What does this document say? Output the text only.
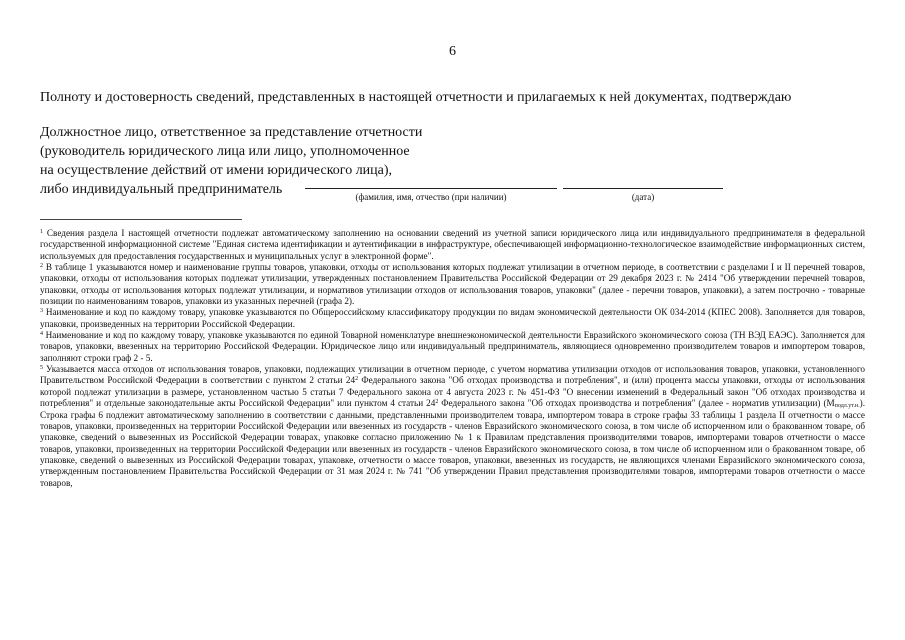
6
Полноту и достоверность сведений, представленных в настоящей отчетности и прилагаемых к ней документах, подтверждаю
Должностное лицо, ответственное за представление отчетности
(руководитель юридического лица или лицо, уполномоченное
на осуществление действий от имени юридического лица),
либо индивидуальный предприниматель	(фамилия, имя, отчество (при наличии)	(дата)

$^1$ Сведения раздела I настоящей отчетности подлежат автоматическому заполнению на основании сведений из учетной записи юридического лица или индивидуального предпринимателя в федеральной государственной информационной системе "Единая система идентификации и аутентификации в инфраструктуре, обеспечивающей информационно-технологическое взаимодействие информационных систем, используемых для предоставления государственных и муниципальных услуг в электронной форме".

$^2$ В таблице 1 указываются номер и наименование группы товаров, упаковки, отходы от использования которых подлежат утилизации в отчетном периоде, в соответствии с разделами I и II перечней товаров, упаковки, отходы от использования которых подлежат утилизации, утвержденных постановлением Правительства Российской Федерации от 29 декабря 2023 г. № 2414 "Об утверждении перечней товаров, упаковки, отходы от использования которых подлежат утилизации, и нормативов утилизации отходов от использования товаров, упаковки" (далее - перечни товаров, упаковки), а затем построчно - товарные позиции по наименованиям товаров, упаковки из указанных перечней (графа 2).

$^3$ Наименование и код по каждому товару, упаковке указываются по Общероссийскому классификатору продукции по видам экономической деятельности ОК 034-2014 (КПЕС 2008). Заполняется для товаров, упаковки, произведенных на территории Российской Федерации.

$^4$ Наименование и код по каждому товару, упаковке указываются по единой Товарной номенклатуре внешнеэкономической деятельности Евразийского экономического союза (ТН ВЭД ЕАЭС). Заполняется для товаров, упаковки, ввезенных на территорию Российской Федерации. Юридическое лицо или индивидуальный предприниматель, являющиеся одновременно производителем товаров и импортером товаров, заполняют строки граф 2 - 5.

$^5$ Указывается масса отходов от использования товаров, упаковки, подлежащих утилизации в отчетном периоде, с учетом норматива утилизации отходов от использования товаров, упаковки, установленного Правительством Российской Федерации в соответствии с пунктом 2 статьи $24^2$ Федерального закона "Об отходах производства и потребления", и (или) процента массы упаковки, отходы от использования которой подлежат утилизации в размере, установленном частью 5 статьи 7 Федерального закона от 4 августа 2023 г. № 451-ФЗ "О внесении изменений в Федеральный закон "Об отходах производства и потребления" и отдельные законодательные акты Российской Федерации" или пунктом 4 статьи $24^2$ Федерального закона "Об отходах производства и потребления" (далее - норматив утилизации) $(М_{подл.ут.н.})$. Строка графы 6 подлежит автоматическому заполнению в соответствии с данными, представленными производителем товара, импортером товара в строке графы 33 таблицы 1 раздела II отчетности о массе товаров, упаковки, произведенных на территории Российской Федерации или ввезенных из государств - членов Евразийского экономического союза, в том числе об испорченном или о бракованном товаре, об упаковке, сведений о вывезенных из Российской Федерации товарах, упаковке согласно приложению № 1 к Правилам представления производителями товаров, импортерами товаров отчетности о массе товаров, упаковки, произведенных на территории Российской Федерации или ввезенных из государств - членов Евразийского экономического союза, в том числе об испорченном или о бракованном товаре, об упаковке, сведений о вывезенных из Российской Федерации товарах, упаковке, отчетности о массе товаров, упаковки, ввезенных из государств, не являющихся членами Евразийского экономического союза, утвержденным постановлением Правительства Российской Федерации от 31 мая 2024 г. № 741 "Об утверждении Правил представления производителями товаров, импортерами товаров отчетности о массе товаров,
